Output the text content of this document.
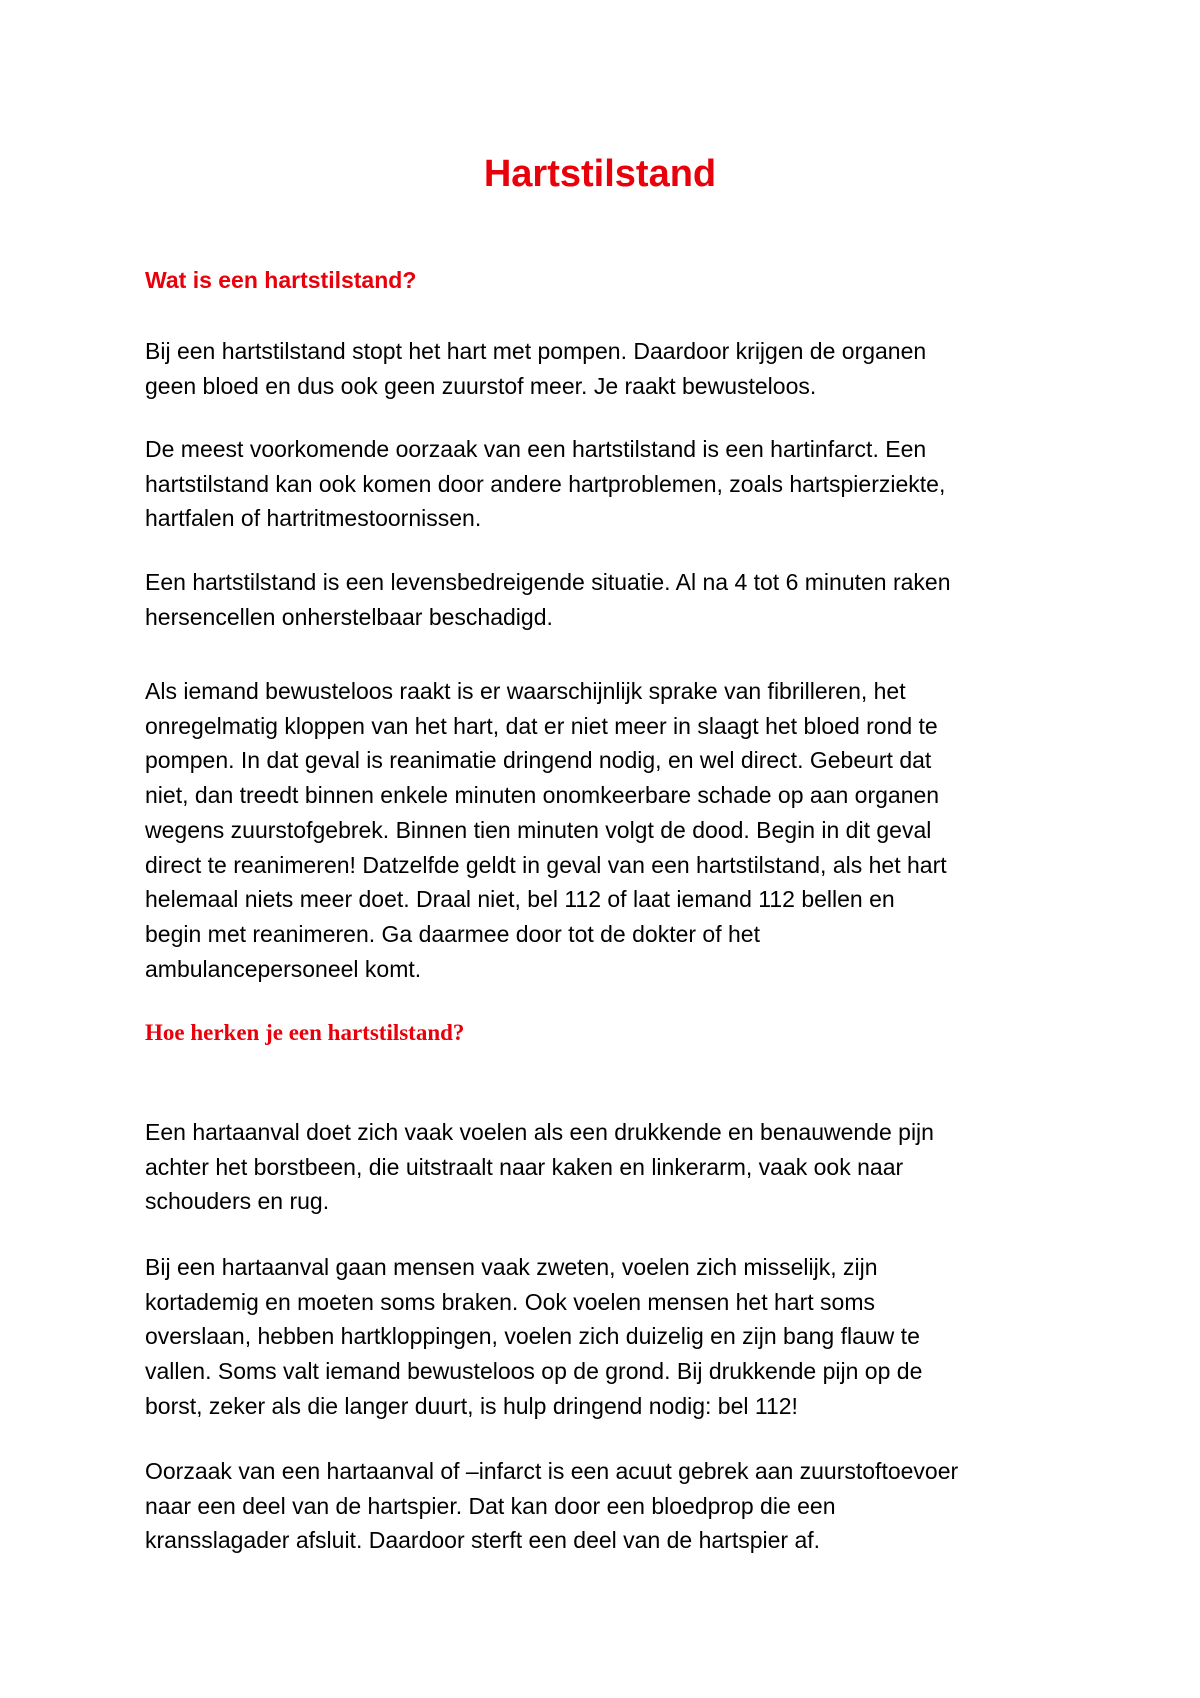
Hartstilstand
Wat is een hartstilstand?

Bij een hartstilstand stopt het hart met pompen. Daardoor krijgen de organen
geen bloed en dus ook geen zuurstof meer. Je raakt bewusteloos.

De meest voorkomende oorzaak van een hartstilstand is een hartinfarct. Een
hartstilstand kan ook komen door andere hartproblemen, zoals hartspierziekte,
hartfalen of hartritmestoornissen.

Een hartstilstand is een levensbedreigende situatie. Al na 4 tot 6 minuten raken
hersencellen onherstelbaar beschadigd.

Als iemand bewusteloos raakt is er waarschijnlijk sprake van fibrilleren, het
onregelmatig kloppen van het hart, dat er niet meer in slaagt het bloed rond te
pompen. In dat geval is reanimatie dringend nodig, en wel direct. Gebeurt dat
niet, dan treedt binnen enkele minuten onomkeerbare schade op aan organen
wegens zuurstofgebrek. Binnen tien minuten volgt de dood. Begin in dit geval
direct te reanimeren! Datzelfde geldt in geval van een hartstilstand, als het hart
helemaal niets meer doet. Draal niet, bel 112 of laat iemand 112 bellen en
begin met reanimeren. Ga daarmee door tot de dokter of het
ambulancepersoneel komt.

Hoe herken je een hartstilstand?

Een hartaanval doet zich vaak voelen als een drukkende en benauwende pijn
achter het borstbeen, die uitstraalt naar kaken en linkerarm, vaak ook naar
schouders en rug.

Bij een hartaanval gaan mensen vaak zweten, voelen zich misselijk, zijn
kortademig en moeten soms braken. Ook voelen mensen het hart soms
overslaan, hebben hartkloppingen, voelen zich duizelig en zijn bang flauw te
vallen. Soms valt iemand bewusteloos op de grond. Bij drukkende pijn op de
borst, zeker als die langer duurt, is hulp dringend nodig: bel 112!

Oorzaak van een hartaanval of –infarct is een acuut gebrek aan zuurstoftoevoer
naar een deel van de hartspier. Dat kan door een bloedprop die een
kransslagader afsluit. Daardoor sterft een deel van de hartspier af.
